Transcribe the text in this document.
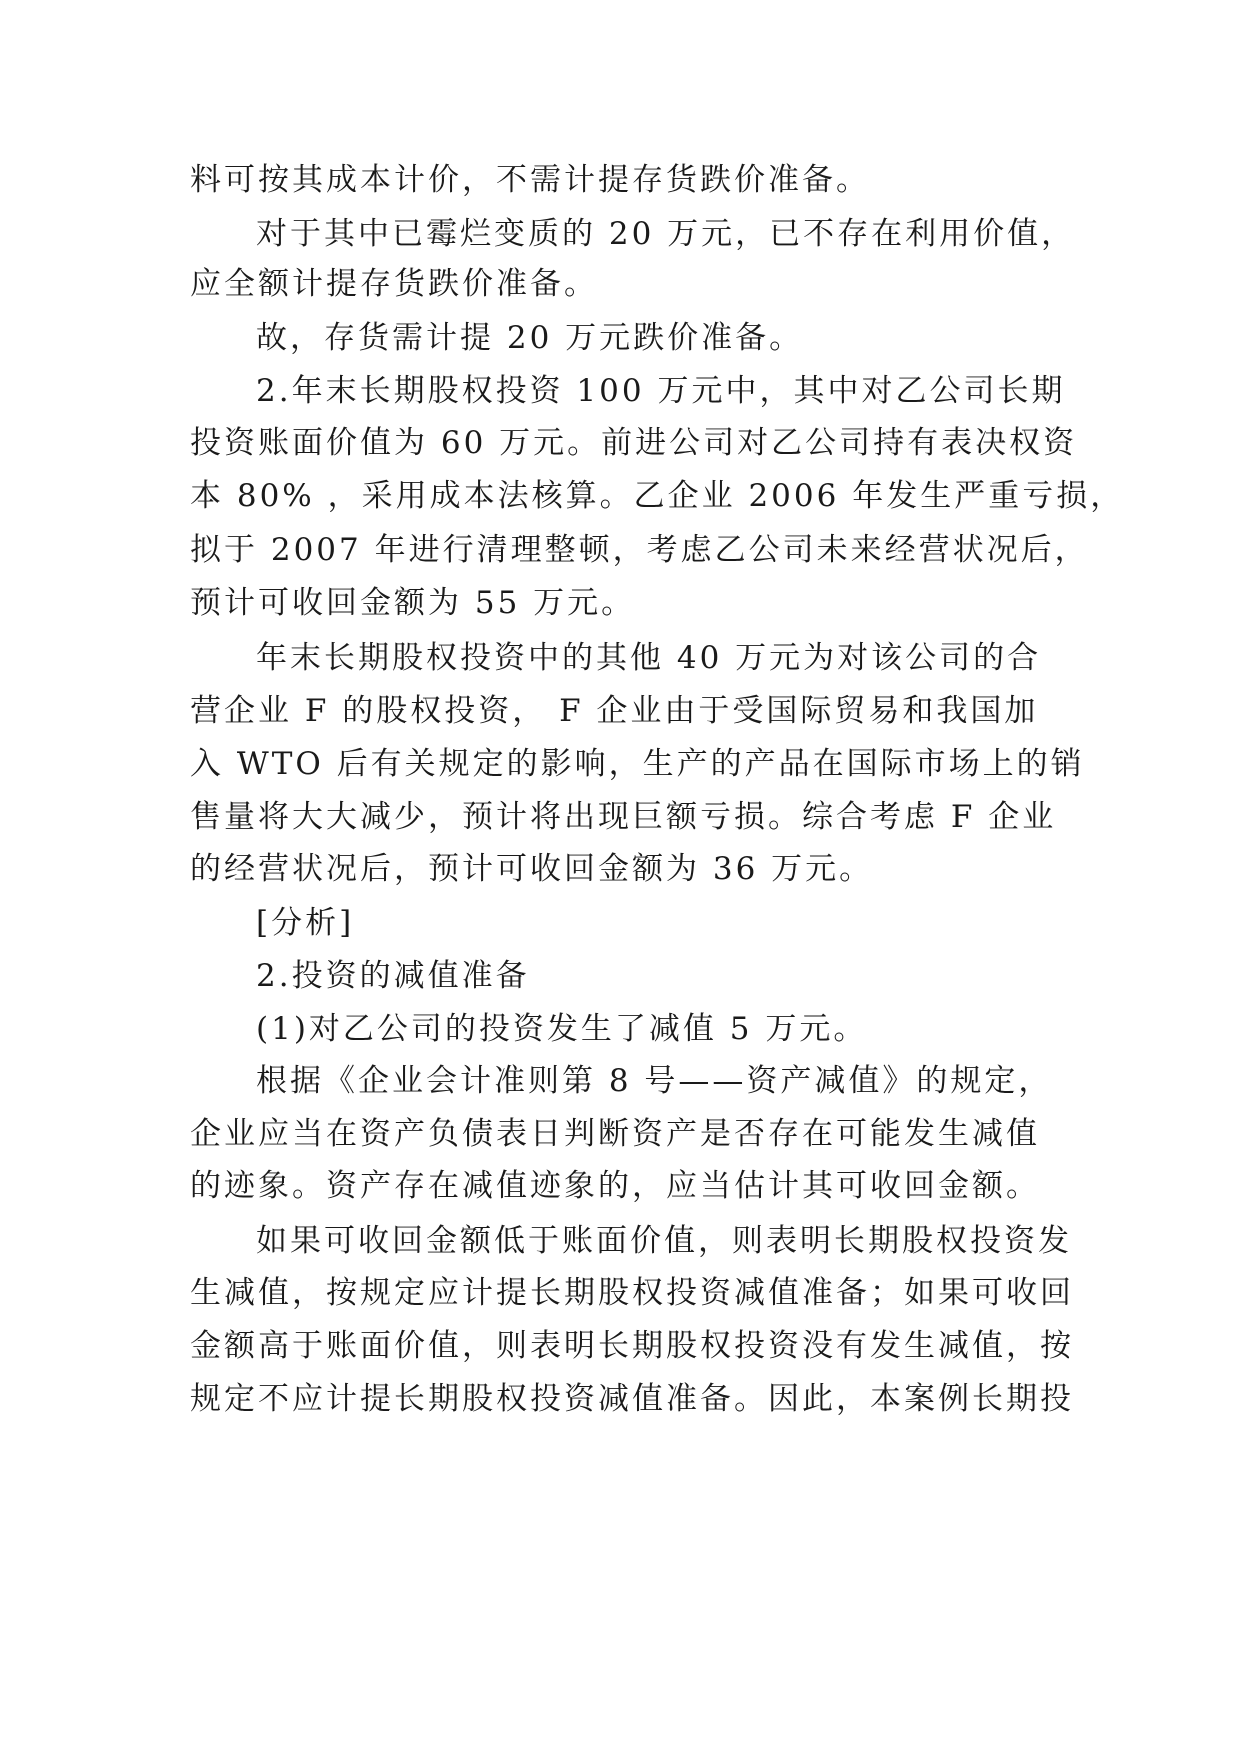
料可按其成本计价，不需计提存货跌价准备。
对于其中已霉烂变质的 20 万元，已不存在利用价值，
应全额计提存货跌价准备。
故，存货需计提 20 万元跌价准备。
2.年末长期股权投资 100 万元中，其中对乙公司长期
投资账面价值为 60 万元。前进公司对乙公司持有表决权资
本 80% ，采用成本法核算。乙企业 2006 年发生严重亏损，
拟于 2007 年进行清理整顿，考虑乙公司未来经营状况后，
预计可收回金额为 55 万元。
年末长期股权投资中的其他 40 万元为对该公司的合
营企业 F 的股权投资， F 企业由于受国际贸易和我国加
入 WTO 后有关规定的影响，生产的产品在国际市场上的销
售量将大大减少，预计将出现巨额亏损。综合考虑 F 企业
的经营状况后，预计可收回金额为 36 万元。
[分析]
2.投资的减值准备
(1)对乙公司的投资发生了减值 5 万元。
根据《企业会计准则第 8 号——资产减值》的规定，
企业应当在资产负债表日判断资产是否存在可能发生减值
的迹象。资产存在减值迹象的，应当估计其可收回金额。
如果可收回金额低于账面价值，则表明长期股权投资发
生减值，按规定应计提长期股权投资减值准备；如果可收回
金额高于账面价值，则表明长期股权投资没有发生减值，按
规定不应计提长期股权投资减值准备。因此，本案例长期投
